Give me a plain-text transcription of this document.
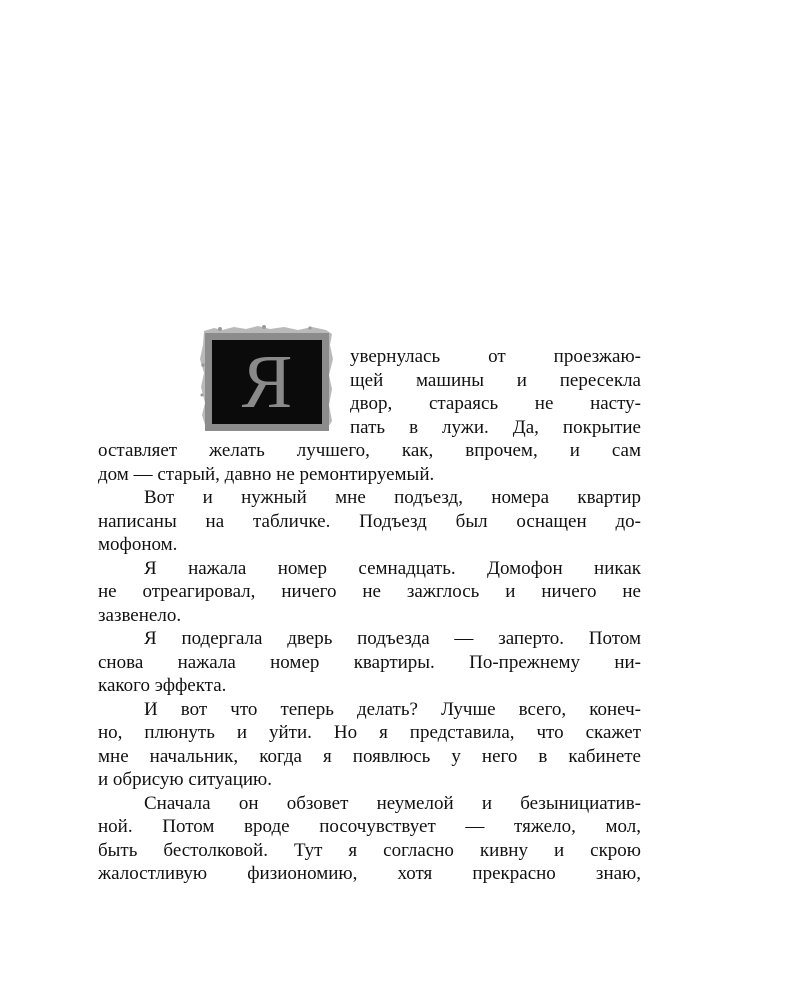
Я	увернулась от проезжаю-
щей машины и пересекла
двор, стараясь не насту-
пать в лужи. Да, покрытие
оставляет желать лучшего, как, впрочем, и сам
дом — старый, давно не ремонтируемый.
Вот и нужный мне подъезд, номера квартир
написаны на табличке. Подъезд был оснащен до-
мофоном.
Я нажала номер семнадцать. Домофон никак
не отреагировал, ничего не зажглось и ничего не
зазвенело.
Я подергала дверь подъезда — заперто. Потом
снова нажала номер квартиры. По-прежнему ни-
какого эффекта.
И вот что теперь делать? Лучше всего, конеч-
но, плюнуть и уйти. Но я представила, что скажет
мне начальник, когда я появлюсь у него в кабинете
и обрисую ситуацию.
Сначала он обзовет неумелой и безынициатив-
ной. Потом вроде посочувствует — тяжело, мол,
быть бестолковой. Тут я согласно кивну и скрою
жалостливую физиономию, хотя прекрасно знаю,
